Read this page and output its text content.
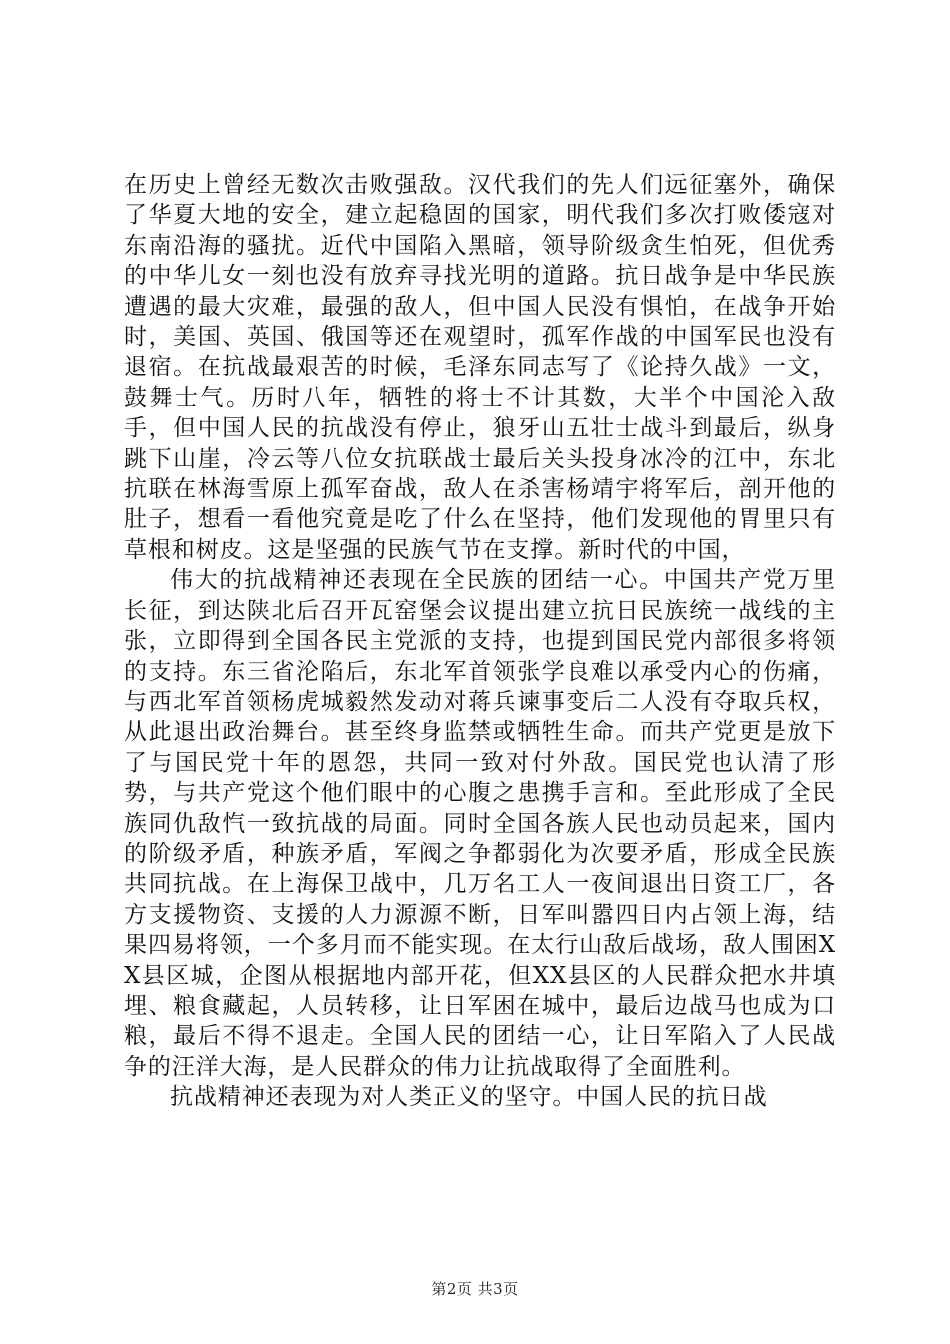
在历史上曾经无数次击败强敌。汉代我们的先人们远征塞外，确保了华夏大地的安全，建立起稳固的国家，明代我们多次打败倭寇对东南沿海的骚扰。近代中国陷入黑暗，领导阶级贪生怕死，但优秀的中华儿女一刻也没有放弃寻找光明的道路。抗日战争是中华民族遭遇的最大灾难，最强的敌人，但中国人民没有惧怕，在战争开始时，美国、英国、俄国等还在观望时，孤军作战的中国军民也没有退宿。在抗战最艰苦的时候，毛泽东同志写了《论持久战》一文，鼓舞士气。历时八年，牺牲的将士不计其数，大半个中国沦入敌手，但中国人民的抗战没有停止，狼牙山五壮士战斗到最后，纵身跳下山崖，冷云等八位女抗联战士最后关头投身冰冷的江中，东北抗联在林海雪原上孤军奋战，敌人在杀害杨靖宇将军后，剖开他的肚子，想看一看他究竟是吃了什么在坚持，他们发现他的胃里只有草根和树皮。这是坚强的民族气节在支撑。新时代的中国，

伟大的抗战精神还表现在全民族的团结一心。中国共产党万里长征，到达陕北后召开瓦窑堡会议提出建立抗日民族统一战线的主张，立即得到全国各民主党派的支持，也提到国民党内部很多将领的支持。东三省沦陷后，东北军首领张学良难以承受内心的伤痛，与西北军首领杨虎城毅然发动对蒋兵谏事变后二人没有夺取兵权，从此退出政治舞台。甚至终身监禁或牺牲生命。而共产党更是放下了与国民党十年的恩怨，共同一致对付外敌。国民党也认清了形势，与共产党这个他们眼中的心腹之患携手言和。至此形成了全民族同仇敌忾一致抗战的局面。同时全国各族人民也动员起来，国内的阶级矛盾，种族矛盾，军阀之争都弱化为次要矛盾，形成全民族共同抗战。在上海保卫战中，几万名工人一夜间退出日资工厂，各方支援物资、支援的人力源源不断，日军叫嚣四日内占领上海，结果四易将领，一个多月而不能实现。在太行山敌后战场，敌人围困XX县区城，企图从根据地内部开花，但XX县区的人民群众把水井填埋、粮食藏起，人员转移，让日军困在城中，最后边战马也成为口粮，最后不得不退走。全国人民的团结一心，让日军陷入了人民战争的汪洋大海，是人民群众的伟力让抗战取得了全面胜利。

抗战精神还表现为对人类正义的坚守。中国人民的抗日战

第2页 共3页
